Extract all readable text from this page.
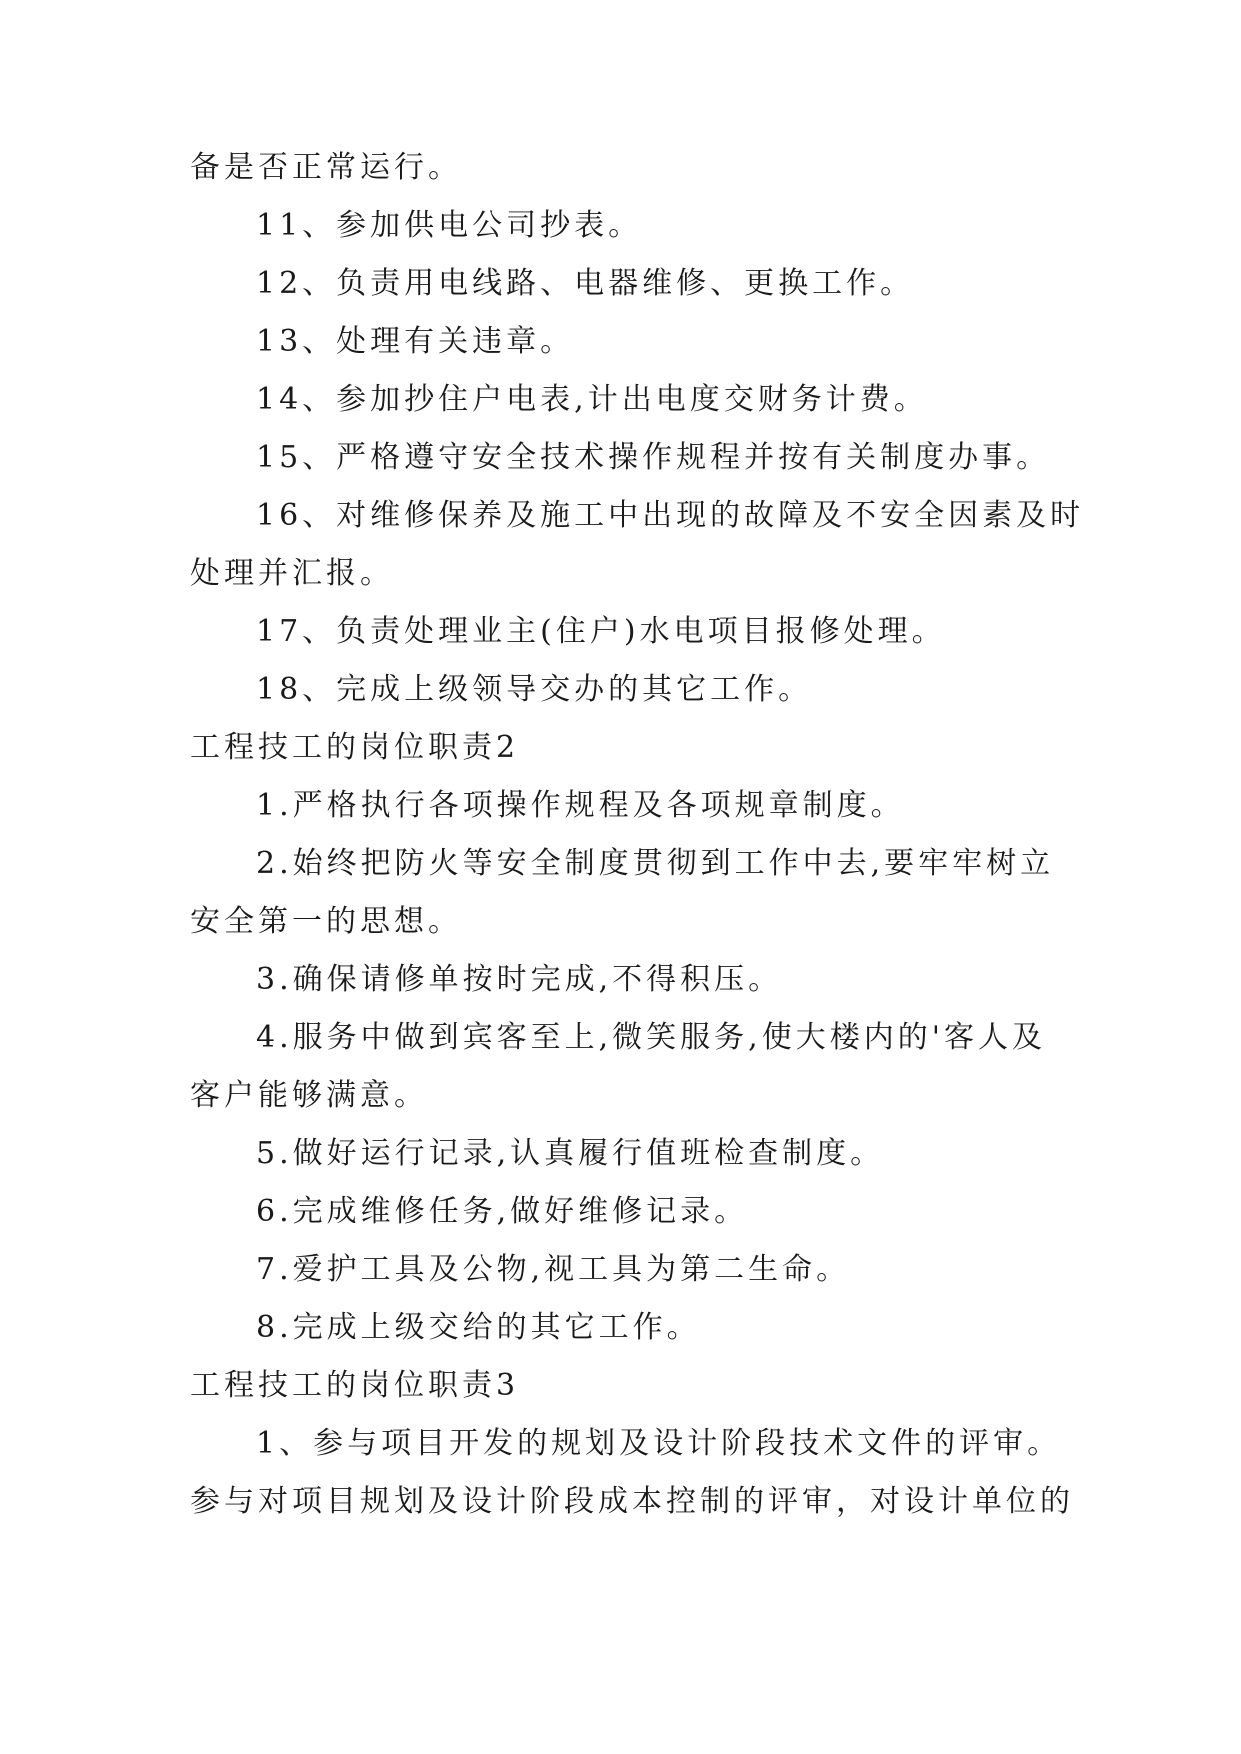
备是否正常运行。
11、参加供电公司抄表。
12、负责用电线路、电器维修、更换工作。
13、处理有关违章。
14、参加抄住户电表,计出电度交财务计费。
15、严格遵守安全技术操作规程并按有关制度办事。
16、对维修保养及施工中出现的故障及不安全因素及时
处理并汇报。
17、负责处理业主(住户)水电项目报修处理。
18、完成上级领导交办的其它工作。
工程技工的岗位职责2
1.严格执行各项操作规程及各项规章制度。
2.始终把防火等安全制度贯彻到工作中去,要牢牢树立
安全第一的思想。
3.确保请修单按时完成,不得积压。
4.服务中做到宾客至上,微笑服务,使大楼内的'客人及
客户能够满意。
5.做好运行记录,认真履行值班检查制度。
6.完成维修任务,做好维修记录。
7.爱护工具及公物,视工具为第二生命。
8.完成上级交给的其它工作。
工程技工的岗位职责3
1、参与项目开发的规划及设计阶段技术文件的评审。
参与对项目规划及设计阶段成本控制的评审，对设计单位的
